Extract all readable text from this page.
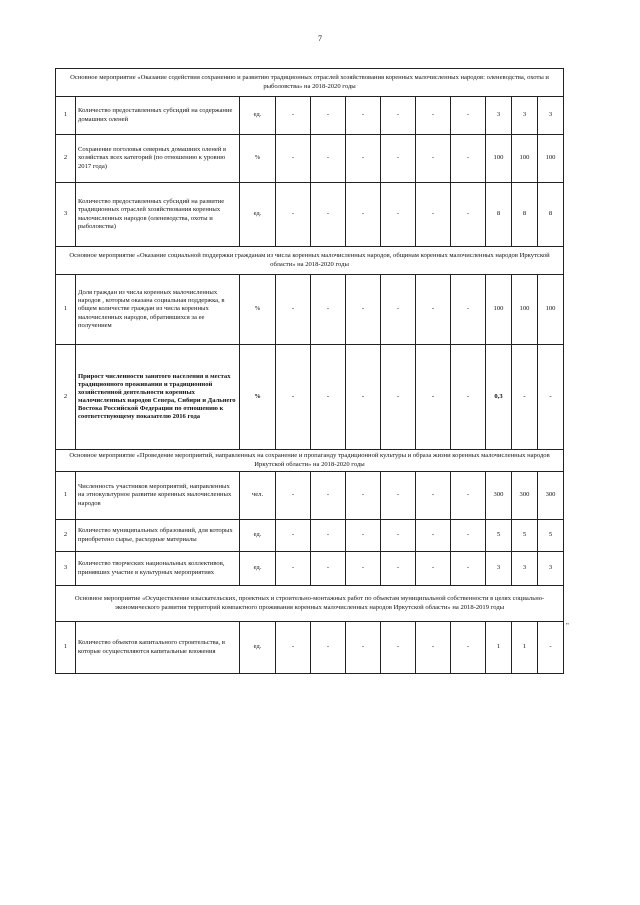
7
Основное мероприятие «Оказание содействия сохранению и развитию традиционных отраслей хозяйствования коренных малочисленных народов: оленеводства, охоты и рыболовства» на 2018-2020 годы											
1	Количество предоставленных субсидий на содержание домашних оленей	ед.	-	-	-	-	-	-	3	3	3
2	Сохранение поголовья северных домашних оленей в хозяйствах всех категорий (по отношению к уровню 2017 года)	%	-	-	-	-	-	-	100	100	100
3	Количество предоставленных субсидий на развитие традиционных отраслей хозяйствования коренных малочисленных народов (оленеводства, охоты и рыболовства)	ед.	-	-	-	-	-	-	8	8	8
Основное мероприятие «Оказание социальной поддержки гражданам из числа коренных малочисленных народов, общинам коренных малочисленных народов Иркутской области» на 2018-2020 годы											
1	Доля граждан из числа коренных малочисленных народов , которым оказана социальная поддержка, в общем количестве граждан из числа коренных малочисленных народов, обратившихся за ее получением	%	-	-	-	-	-	-	100	100	100
2	Прирост численности занятого населения в местах традиционного проживания и традиционной хозяйственной деятельности коренных малочисленных народов Севера, Сибири и Дальнего Востока Российской Федерации по отношению к соответствующему показателю 2016 года	%	-	-	-	-	-	-	0,3	-	-
Основное мероприятие «Проведение мероприятий, направленных на сохранение и пропаганду традиционной культуры и образа жизни коренных малочисленных народов Иркутской области» на 2018-2020 годы											
1	Численность участников мероприятий, направленных на этнокультурное развитие коренных малочисленных народов	чел.	-	-	-	-	-	-	300	300	300
2	Количество муниципальных образований, для которых приобретено сырье, расходные материалы	ед.	-	-	-	-	-	-	5	5	5
3	Количество творческих национальных коллективов, принявших участие в культурных мероприятиях	ед.	-	-	-	-	-	-	3	3	3
Основное мероприятие «Осуществление изыскательских, проектных и строительно-монтажных работ по объектам муниципальной собственности в целях социально-экономического развития территорий компактного проживания коренных малочисленных народов Иркутской области» на 2018-2019 годы											
1	Количество объектов капитального строительства, в которые осуществляются капитальные вложения	ед.	-	-	-	-	-	-	1	1	-
"
